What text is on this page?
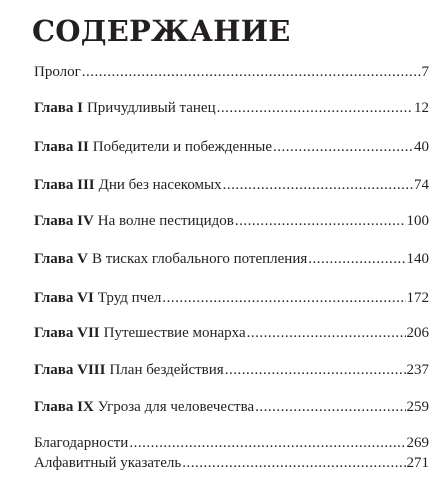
СОДЕРЖАНИЕ
Пролог .....	7
Глава I Причудливый танец .....	12
Глава II Победители и побежденные .....	40
Глава III Дни без насекомых .....	74
Глава IV На волне пестицидов .....	100
Глава V В тисках глобального потепления .....	140
Глава VI Труд пчел .....	172
Глава VII Путешествие монарха .....	206
Глава VIII План бездействия .....	237
Глава IX Угроза для человечества .....	259
Благодарности .....	269
Алфавитный указатель .....	271
